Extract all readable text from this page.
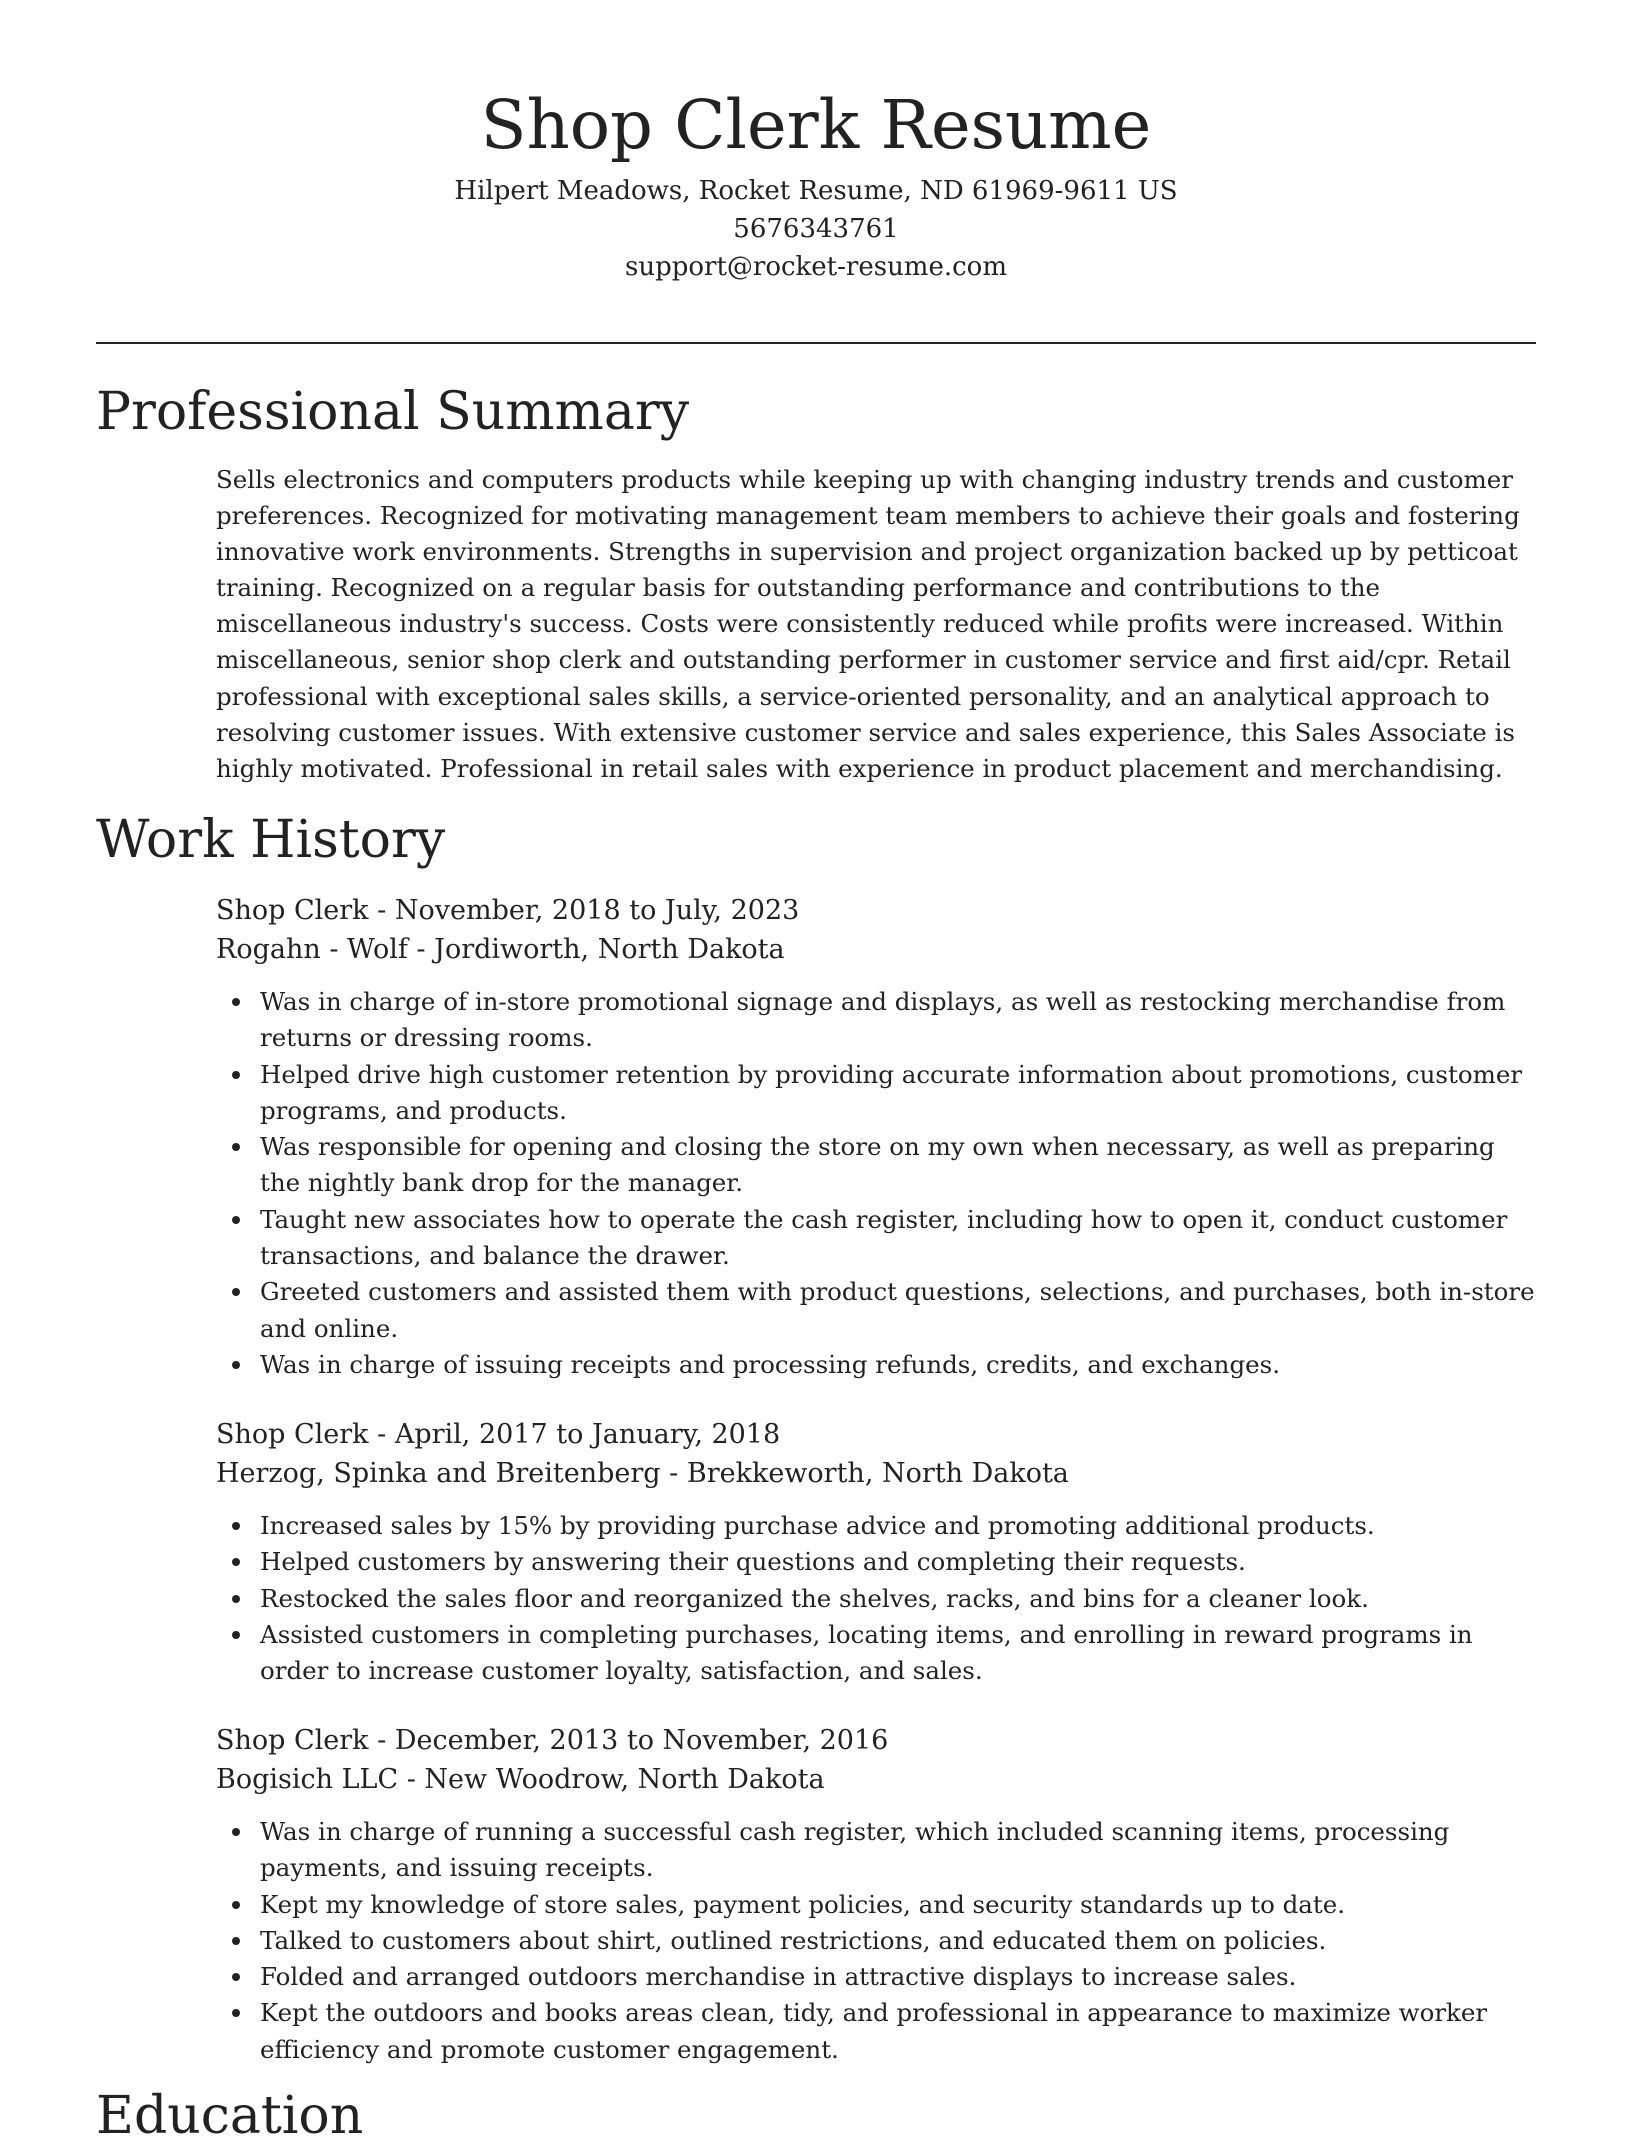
Shop Clerk Resume
Hilpert Meadows, Rocket Resume, ND 61969-9611 US
5676343761
support@rocket-resume.com
Professional Summary
Sells electronics and computers products while keeping up with changing industry trends and customer preferences. Recognized for motivating management team members to achieve their goals and fostering innovative work environments. Strengths in supervision and project organization backed up by petticoat training. Recognized on a regular basis for outstanding performance and contributions to the miscellaneous industry's success. Costs were consistently reduced while profits were increased. Within miscellaneous, senior shop clerk and outstanding performer in customer service and first aid/cpr. Retail professional with exceptional sales skills, a service-oriented personality, and an analytical approach to resolving customer issues. With extensive customer service and sales experience, this Sales Associate is highly motivated. Professional in retail sales with experience in product placement and merchandising.
Work History
Shop Clerk - November, 2018 to July, 2023
Rogahn - Wolf - Jordiworth, North Dakota
Was in charge of in-store promotional signage and displays, as well as restocking merchandise from returns or dressing rooms.
Helped drive high customer retention by providing accurate information about promotions, customer programs, and products.
Was responsible for opening and closing the store on my own when necessary, as well as preparing the nightly bank drop for the manager.
Taught new associates how to operate the cash register, including how to open it, conduct customer transactions, and balance the drawer.
Greeted customers and assisted them with product questions, selections, and purchases, both in-store and online.
Was in charge of issuing receipts and processing refunds, credits, and exchanges.
Shop Clerk - April, 2017 to January, 2018
Herzog, Spinka and Breitenberg - Brekkeworth, North Dakota
Increased sales by 15% by providing purchase advice and promoting additional products.
Helped customers by answering their questions and completing their requests.
Restocked the sales floor and reorganized the shelves, racks, and bins for a cleaner look.
Assisted customers in completing purchases, locating items, and enrolling in reward programs in order to increase customer loyalty, satisfaction, and sales.
Shop Clerk - December, 2013 to November, 2016
Bogisich LLC - New Woodrow, North Dakota
Was in charge of running a successful cash register, which included scanning items, processing payments, and issuing receipts.
Kept my knowledge of store sales, payment policies, and security standards up to date.
Talked to customers about shirt, outlined restrictions, and educated them on policies.
Folded and arranged outdoors merchandise in attractive displays to increase sales.
Kept the outdoors and books areas clean, tidy, and professional in appearance to maximize worker efficiency and promote customer engagement.
Education
